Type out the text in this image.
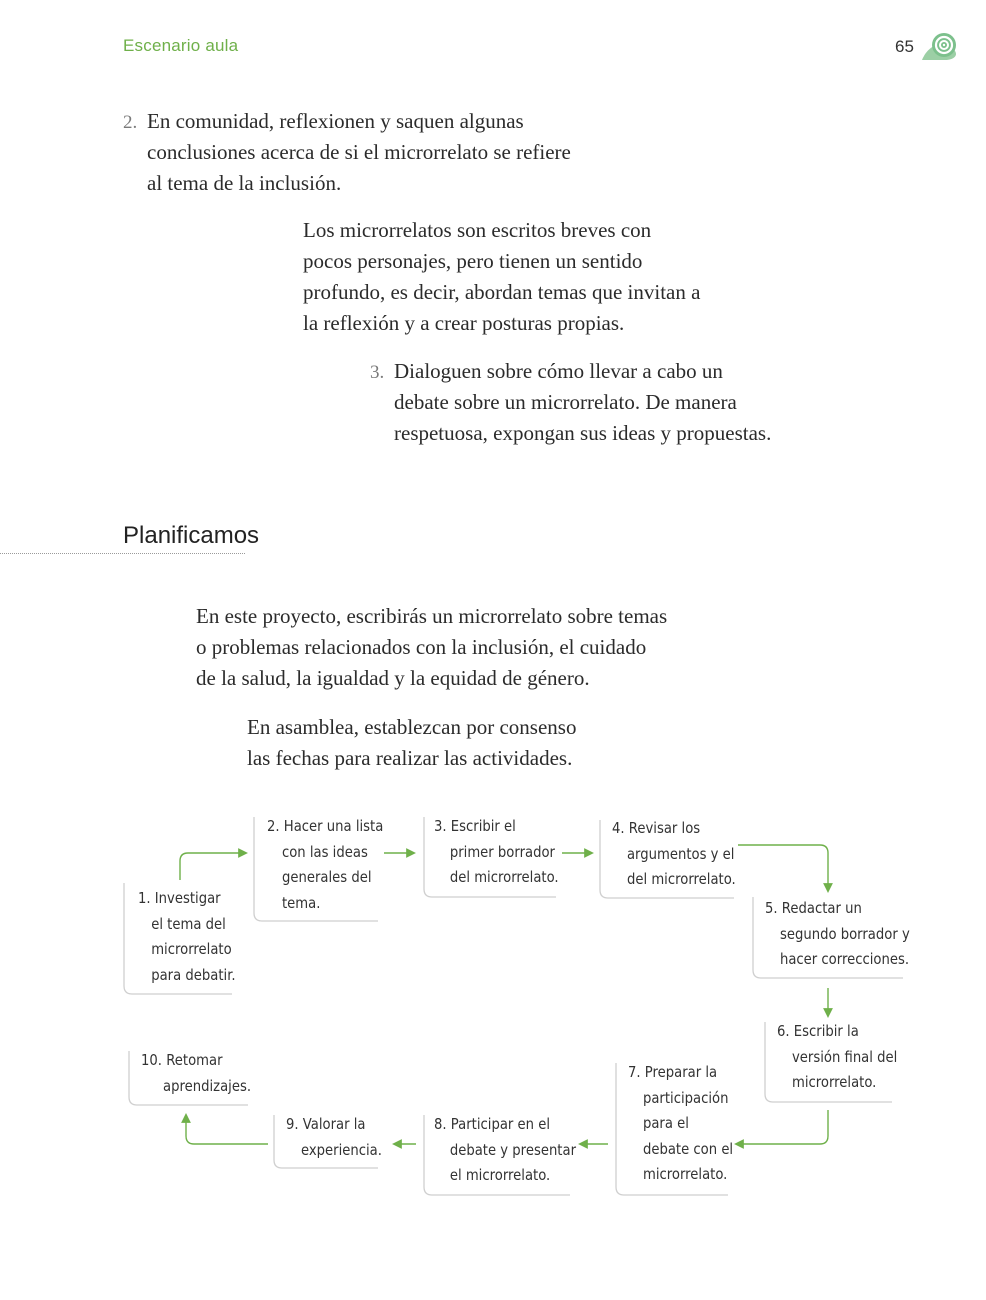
Escenario aula	65
2. En comunidad, reflexionen y saquen algunas
conclusiones acerca de si el microrrelato se refiere
al tema de la inclusión.
Los microrrelatos son escritos breves con
pocos personajes, pero tienen un sentido
profundo, es decir, abordan temas que invitan a
la reflexión y a crear posturas propias.
3. Dialoguen sobre cómo llevar a cabo un
debate sobre un microrrelato. De manera
respetuosa, expongan sus ideas y propuestas.
Planificamos
En este proyecto, escribirás un microrrelato sobre temas
o problemas relacionados con la inclusión, el cuidado
de la salud, la igualdad y la equidad de género.
En asamblea, establezcan por consenso
las fechas para realizar las actividades.
1. Investigar
el tema del
microrrelato
para debatir.
2. Hacer una lista
con las ideas
generales del
tema.
3. Escribir el
primer borrador
del microrrelato.
4. Revisar los
argumentos y el
del microrrelato.
5. Redactar un
segundo borrador y
hacer correcciones.
6. Escribir la
versión final del
microrrelato.
7. Preparar la
participación
para el
debate con el
microrrelato.
8. Participar en el
debate y presentar
el microrrelato.
9. Valorar la
experiencia.
10. Retomar
aprendizajes.
